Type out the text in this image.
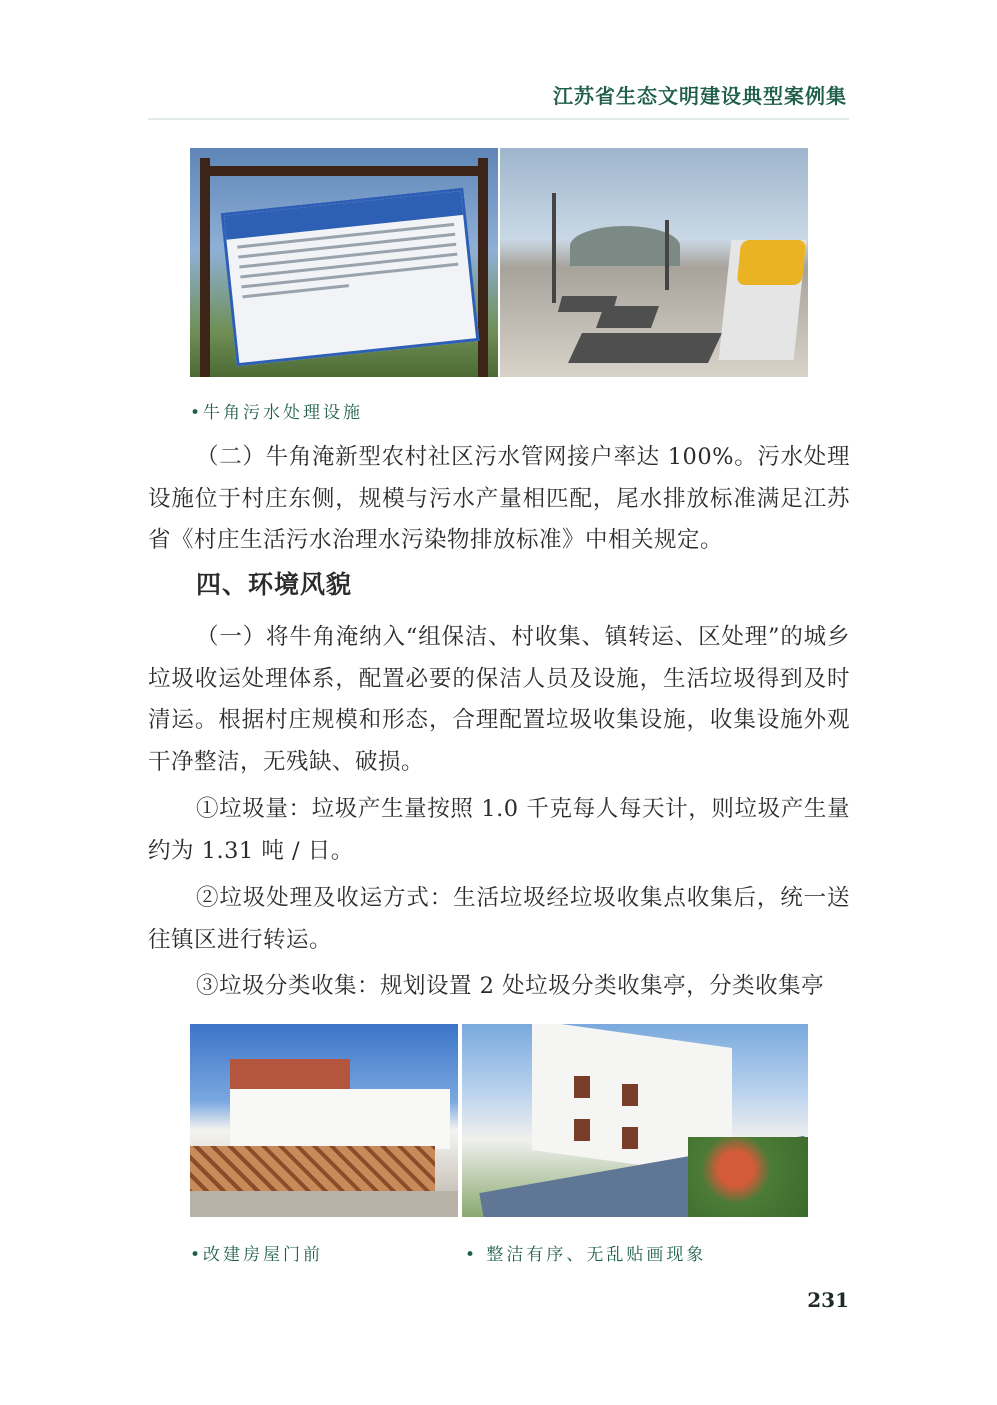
江苏省生态文明建设典型案例集
•牛角污水处理设施

（二）牛角淹新型农村社区污水管网接户率达 100%。污水处理设施位于村庄东侧，规模与污水产量相匹配，尾水排放标准满足江苏省《村庄生活污水治理水污染物排放标准》中相关规定。

四、环境风貌

（一）将牛角淹纳入“组保洁、村收集、镇转运、区处理”的城乡垃圾收运处理体系，配置必要的保洁人员及设施，生活垃圾得到及时清运。根据村庄规模和形态，合理配置垃圾收集设施，收集设施外观干净整洁，无残缺、破损。

①垃圾量：垃圾产生量按照 1.0 千克每人每天计，则垃圾产生量约为 1.31 吨 / 日。

②垃圾处理及收运方式：生活垃圾经垃圾收集点收集后，统一送往镇区进行转运。

③垃圾分类收集：规划设置 2 处垃圾分类收集亭，分类收集亭

•改建房屋门前	• 整洁有序、无乱贴画现象
231
